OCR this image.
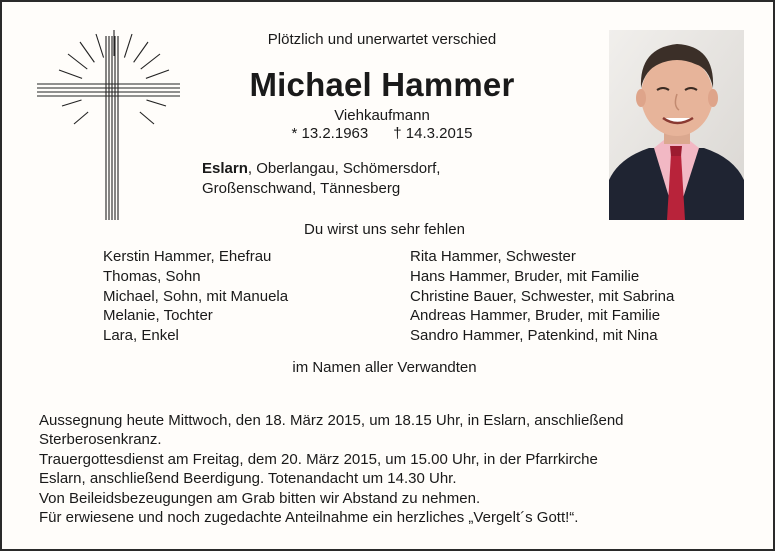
Plötzlich und unerwartet verschied
Michael Hammer
Viehkaufmann
* 13.2.1963 † 14.3.2015
Eslarn, Oberlangau, Schömersdorf,
Großenschwand, Tännesberg
Du wirst uns sehr fehlen
Kerstin Hammer, Ehefrau
Thomas, Sohn
Michael, Sohn, mit Manuela
Melanie, Tochter
Lara, Enkel
Rita Hammer, Schwester
Hans Hammer, Bruder, mit Familie
Christine Bauer, Schwester, mit Sabrina
Andreas Hammer, Bruder, mit Familie
Sandro Hammer, Patenkind, mit Nina
im Namen aller Verwandten
Aussegnung heute Mittwoch, den 18. März 2015, um 18.15 Uhr, in Eslarn, anschließend
Sterberosenkranz.
Trauergottesdienst am Freitag, dem 20. März 2015, um 15.00 Uhr, in der Pfarrkirche
Eslarn, anschließend Beerdigung. Totenandacht um 14.30 Uhr.
Von Beileidsbezeugungen am Grab bitten wir Abstand zu nehmen.
Für erwiesene und noch zugedachte Anteilnahme ein herzliches „Vergelt´s Gott!“.
